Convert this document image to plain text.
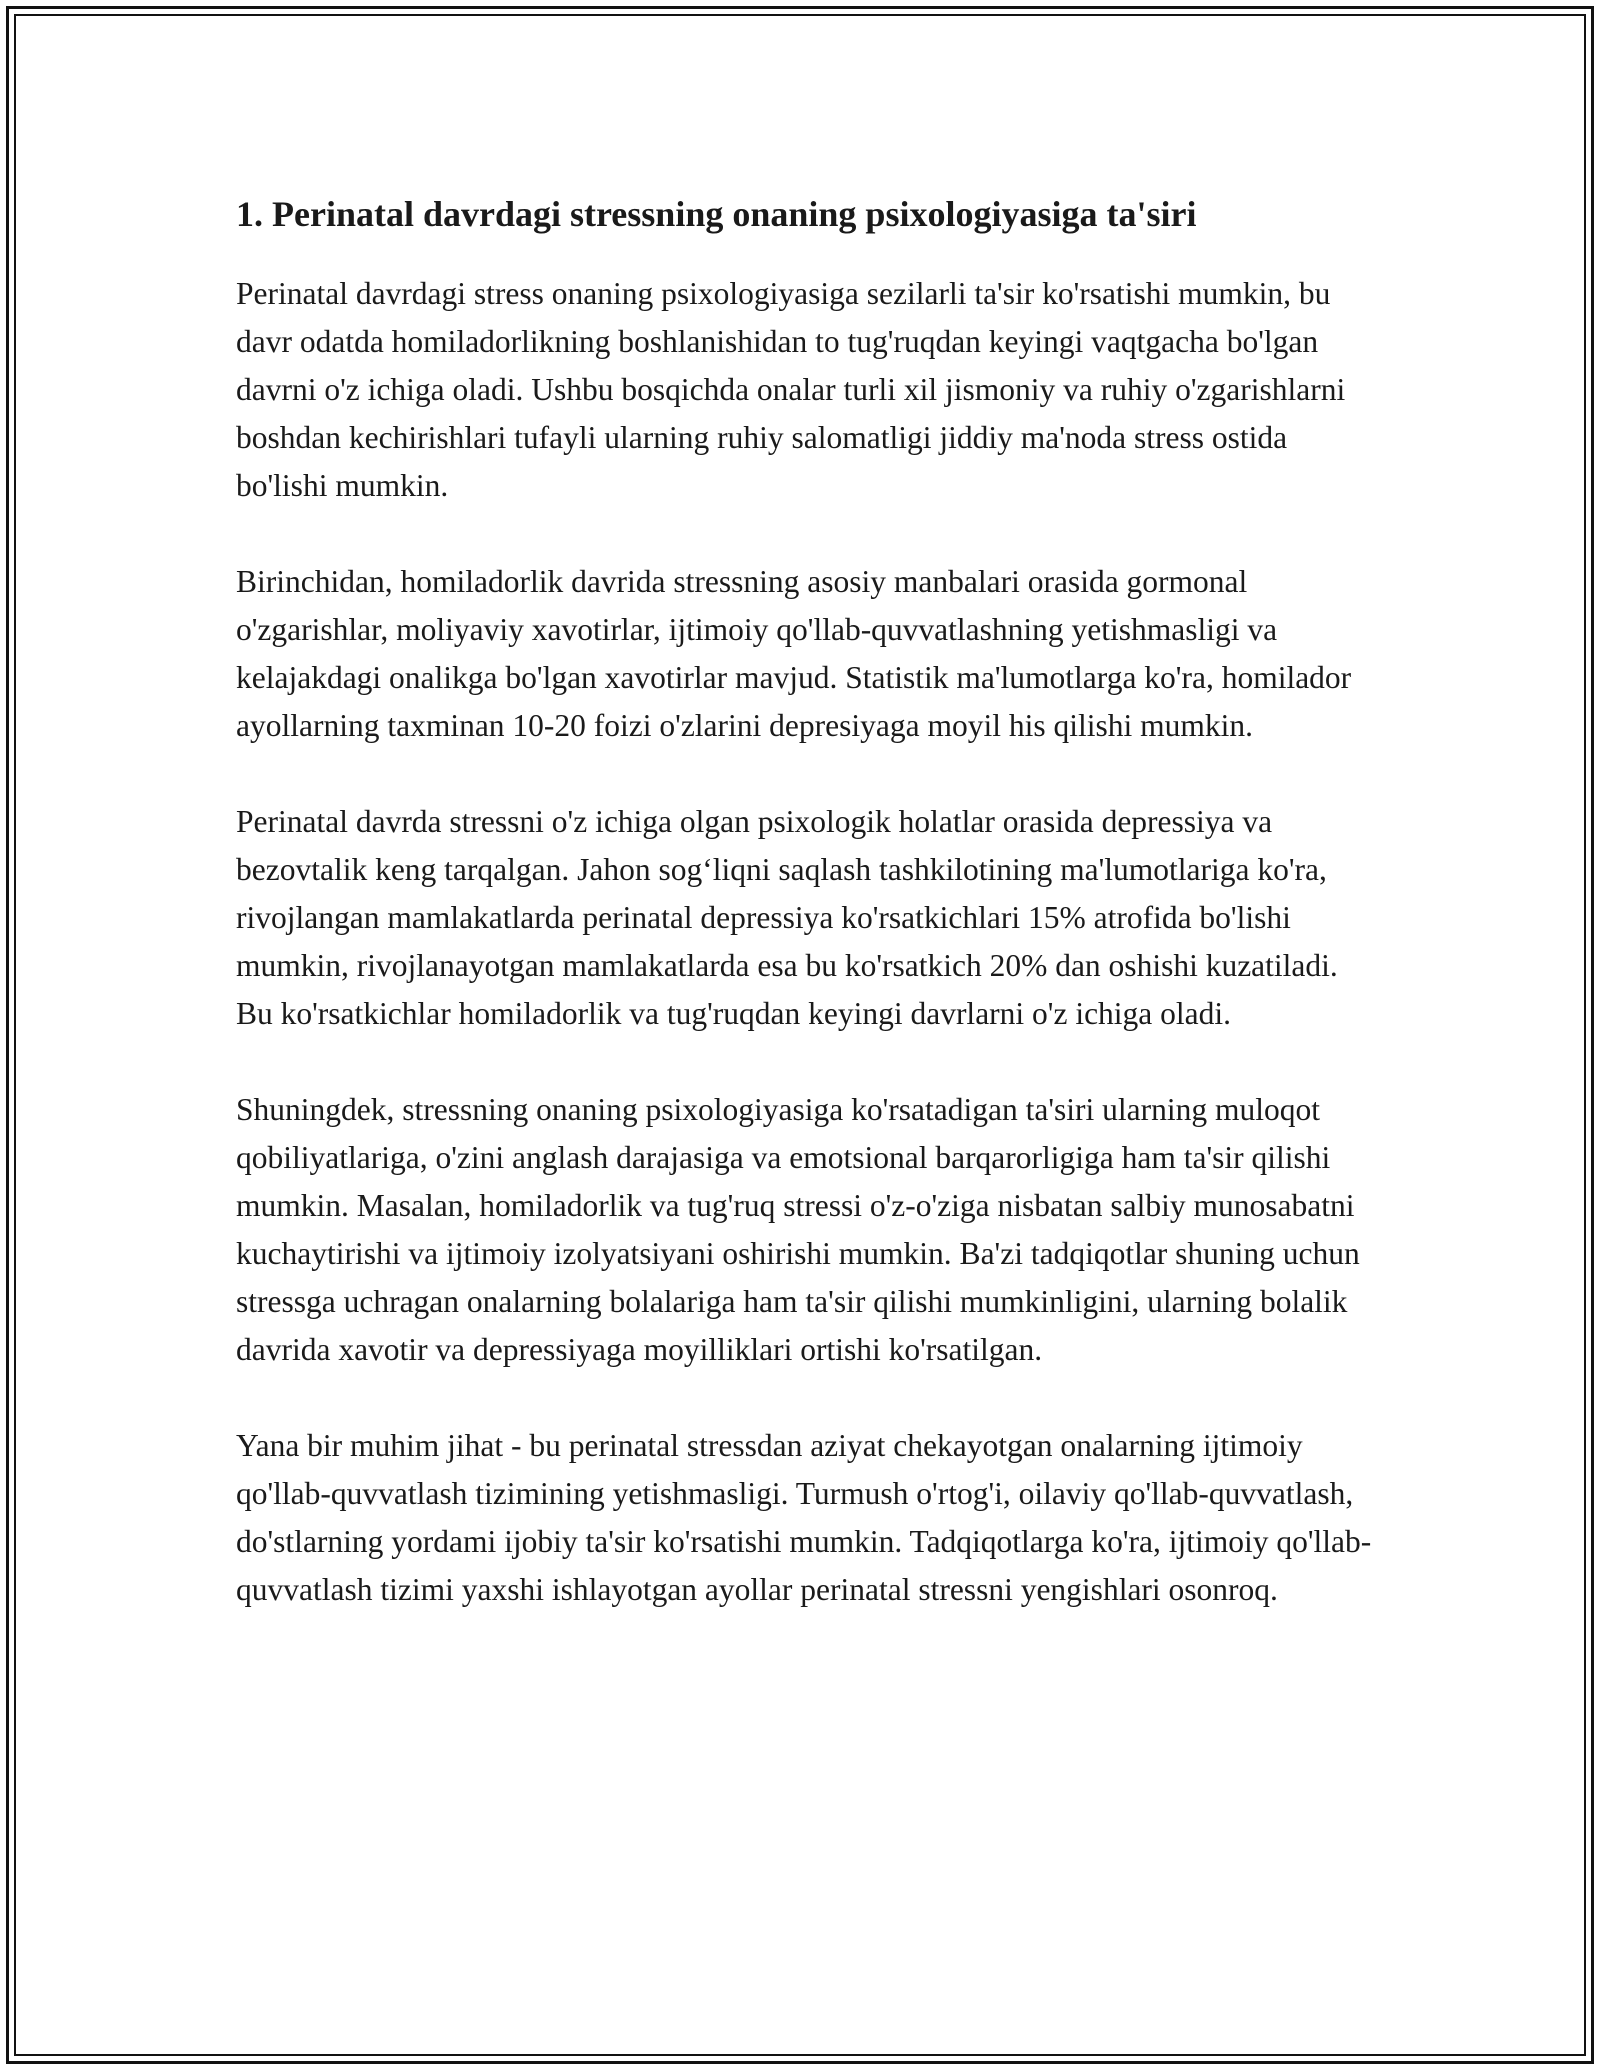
1. Perinatal davrdagi stressning onaning psixologiyasiga ta'siri

Perinatal davrdagi stress onaning psixologiyasiga sezilarli ta'sir ko'rsatishi mumkin, bu davr odatda homiladorlikning boshlanishidan to tug'ruqdan keyingi vaqtgacha bo'lgan davrni o'z ichiga oladi. Ushbu bosqichda onalar turli xil jismoniy va ruhiy o'zgarishlarni boshdan kechirishlari tufayli ularning ruhiy salomatligi jiddiy ma'noda stress ostida bo'lishi mumkin.

Birinchidan, homiladorlik davrida stressning asosiy manbalari orasida gormonal o'zgarishlar, moliyaviy xavotirlar, ijtimoiy qo'llab-quvvatlashning yetishmasligi va kelajakdagi onalikga bo'lgan xavotirlar mavjud. Statistik ma'lumotlarga ko'ra, homilador ayollarning taxminan 10-20 foizi o'zlarini depresiyaga moyil his qilishi mumkin.

Perinatal davrda stressni o'z ichiga olgan psixologik holatlar orasida depressiya va bezovtalik keng tarqalgan. Jahon sog‘liqni saqlash tashkilotining ma'lumotlariga ko'ra, rivojlangan mamlakatlarda perinatal depressiya ko'rsatkichlari 15% atrofida bo'lishi mumkin, rivojlanayotgan mamlakatlarda esa bu ko'rsatkich 20% dan oshishi kuzatiladi. Bu ko'rsatkichlar homiladorlik va tug'ruqdan keyingi davrlarni o'z ichiga oladi.

Shuningdek, stressning onaning psixologiyasiga ko'rsatadigan ta'siri ularning muloqot qobiliyatlariga, o'zini anglash darajasiga va emotsional barqarorligiga ham ta'sir qilishi mumkin. Masalan, homiladorlik va tug'ruq stressi o'z-o'ziga nisbatan salbiy munosabatni kuchaytirishi va ijtimoiy izolyatsiyani oshirishi mumkin. Ba'zi tadqiqotlar shuning uchun stressga uchragan onalarning bolalariga ham ta'sir qilishi mumkinligini, ularning bolalik davrida xavotir va depressiyaga moyilliklari ortishi ko'rsatilgan.

Yana bir muhim jihat - bu perinatal stressdan aziyat chekayotgan onalarning ijtimoiy qo'llab-quvvatlash tizimining yetishmasligi. Turmush o'rtog'i, oilaviy qo'llab-quvvatlash, do'stlarning yordami ijobiy ta'sir ko'rsatishi mumkin. Tadqiqotlarga ko'ra, ijtimoiy qo'llab-quvvatlash tizimi yaxshi ishlayotgan ayollar perinatal stressni yengishlari osonroq.
